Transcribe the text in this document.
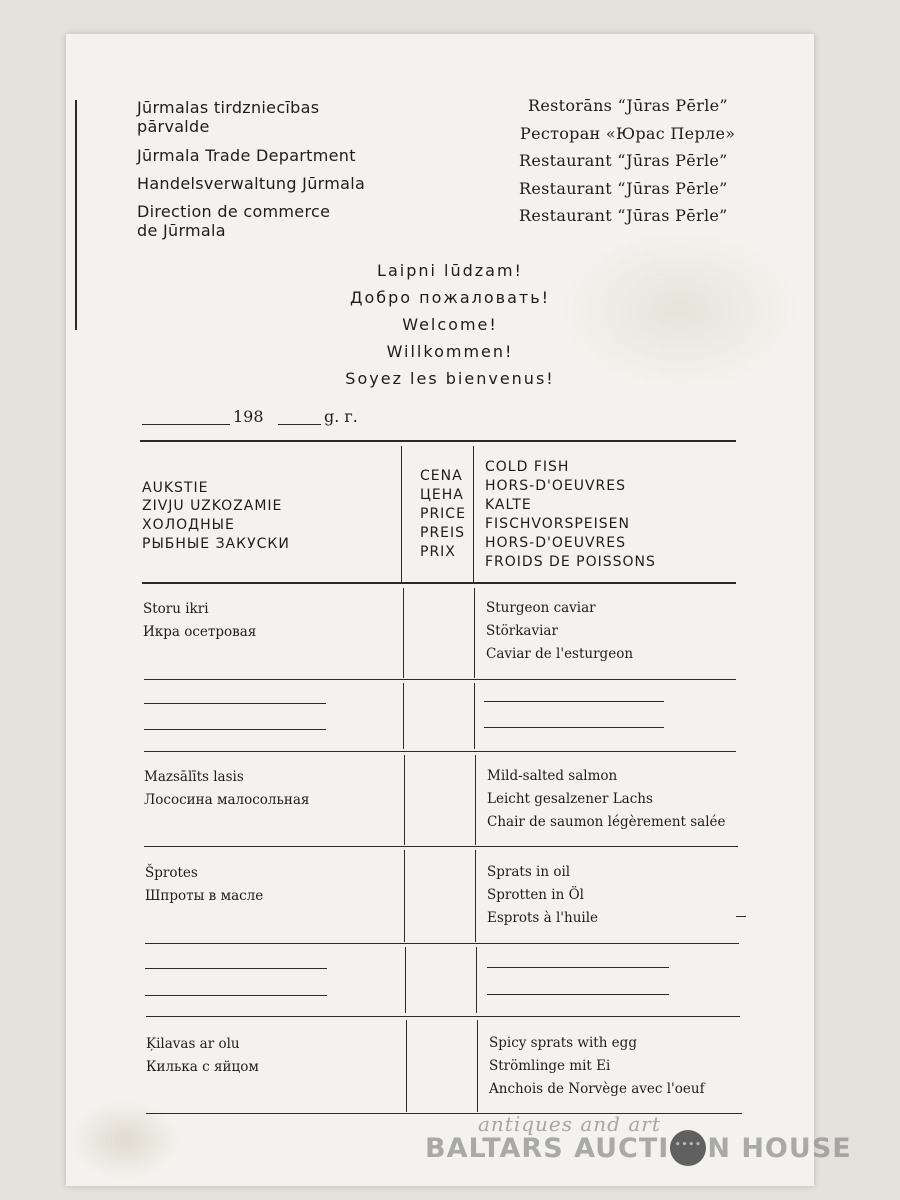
Jūrmalas tirdzniecības
pārvalde
Jūrmala Trade Department
Handelsverwaltung Jūrmala
Direction de commerce
de Jūrmala
Restorāns “Jūras Pērle”
Ресторан «Юрас Перле»
Restaurant “Jūras Pērle”
Restaurant “Jūras Pērle”
Restaurant “Jūras Pērle”
Laipni lūdzam!
Добро пожаловать!
Welcome!
Willkommen!
Soyez les bienvenus!
198	g. г.
AUKSTIE
ZIVJU UZKOZAMIE
ХОЛОДНЫЕ
РЫБНЫЕ ЗАКУСКИ
CENA
ЦЕНА
PRICE
PREIS
PRIX
COLD FISH
HORS-D'OEUVRES
KALTE
FISCHVORSPEISEN
HORS-D'OEUVRES
FROIDS DE POISSONS
Storu ikri
Икра осетровая
Sturgeon caviar
Störkaviar
Caviar de l'esturgeon
Mazsālīts lasis
Лососина малосольная
Mild-salted salmon
Leicht gesalzener Lachs
Chair de saumon légèrement salée
Šprotes
Шпроты в масле
Sprats in oil
Sprotten in Öl
Esprots à l'huile
Ķilavas ar olu
Килька с яйцом
Spicy sprats with egg
Strömlinge mit Ei
Anchois de Norvège avec l'oeuf
antiques and art
BALTARS AUCTI
•••• N HOUSE
